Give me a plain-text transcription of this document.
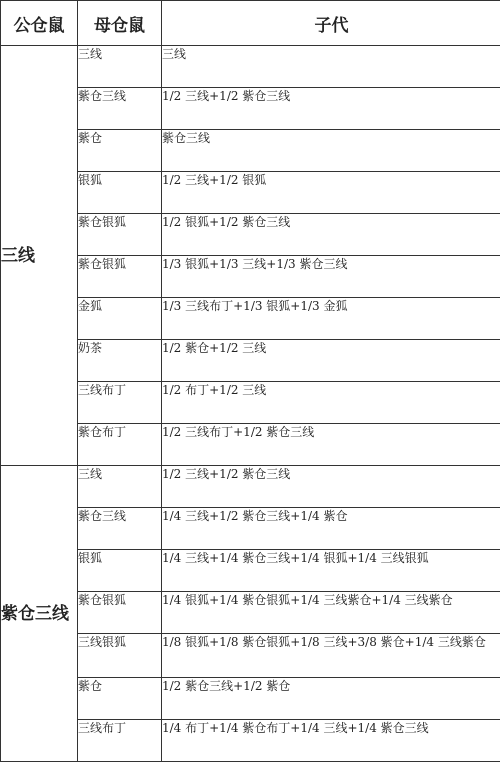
公仓鼠	母仓鼠	子代
三线	三线	三线
	紫仓三线	1/2 三线+1/2 紫仓三线
	紫仓	紫仓三线
	银狐	1/2 三线+1/2 银狐
	紫仓银狐	1/2 银狐+1/2 紫仓三线
	紫仓银狐	1/3 银狐+1/3 三线+1/3 紫仓三线
	金狐	1/3 三线布丁+1/3 银狐+1/3 金狐
	奶茶	1/2 紫仓+1/2 三线
	三线布丁	1/2 布丁+1/2 三线
	紫仓布丁	1/2 三线布丁+1/2 紫仓三线
紫仓三线	三线	1/2 三线+1/2 紫仓三线
	紫仓三线	1/4 三线+1/2 紫仓三线+1/4 紫仓
	银狐	1/4 三线+1/4 紫仓三线+1/4 银狐+1/4 三线银狐
	紫仓银狐	1/4 银狐+1/4 紫仓银狐+1/4 三线紫仓+1/4 三线紫仓
	三线银狐	1/8 银狐+1/8 紫仓银狐+1/8 三线+3/8 紫仓+1/4 三线紫仓
	紫仓	1/2 紫仓三线+1/2 紫仓
	三线布丁	1/4 布丁+1/4 紫仓布丁+1/4 三线+1/4 紫仓三线
